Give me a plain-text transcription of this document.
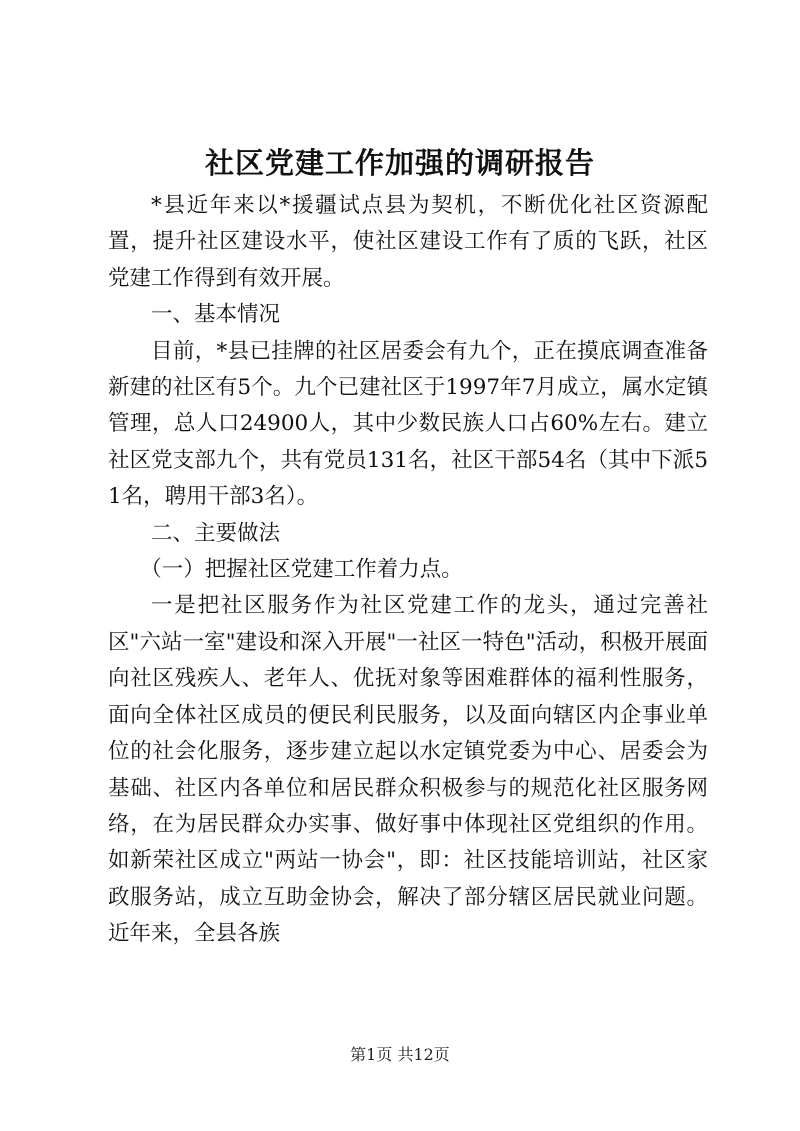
社区党建工作加强的调研报告

*县近年来以*援疆试点县为契机，不断优化社区资源配置，提升社区建设水平，使社区建设工作有了质的飞跃，社区党建工作得到有效开展。

一、基本情况

目前，*县已挂牌的社区居委会有九个，正在摸底调查准备新建的社区有5个。九个已建社区于1997年7月成立，属水定镇管理，总人口24900人，其中少数民族人口占60%左右。建立社区党支部九个，共有党员131名，社区干部54名（其中下派51名，聘用干部3名）。

二、主要做法

（一）把握社区党建工作着力点。

一是把社区服务作为社区党建工作的龙头，通过完善社区"六站一室"建设和深入开展"一社区一特色"活动，积极开展面向社区残疾人、老年人、优抚对象等困难群体的福利性服务，面向全体社区成员的便民利民服务，以及面向辖区内企事业单位的社会化服务，逐步建立起以水定镇党委为中心、居委会为基础、社区内各单位和居民群众积极参与的规范化社区服务网络，在为居民群众办实事、做好事中体现社区党组织的作用。如新荣社区成立"两站一协会"，即：社区技能培训站，社区家政服务站，成立互助金协会，解决了部分辖区居民就业问题。近年来，全县各族

第1页 共12页
